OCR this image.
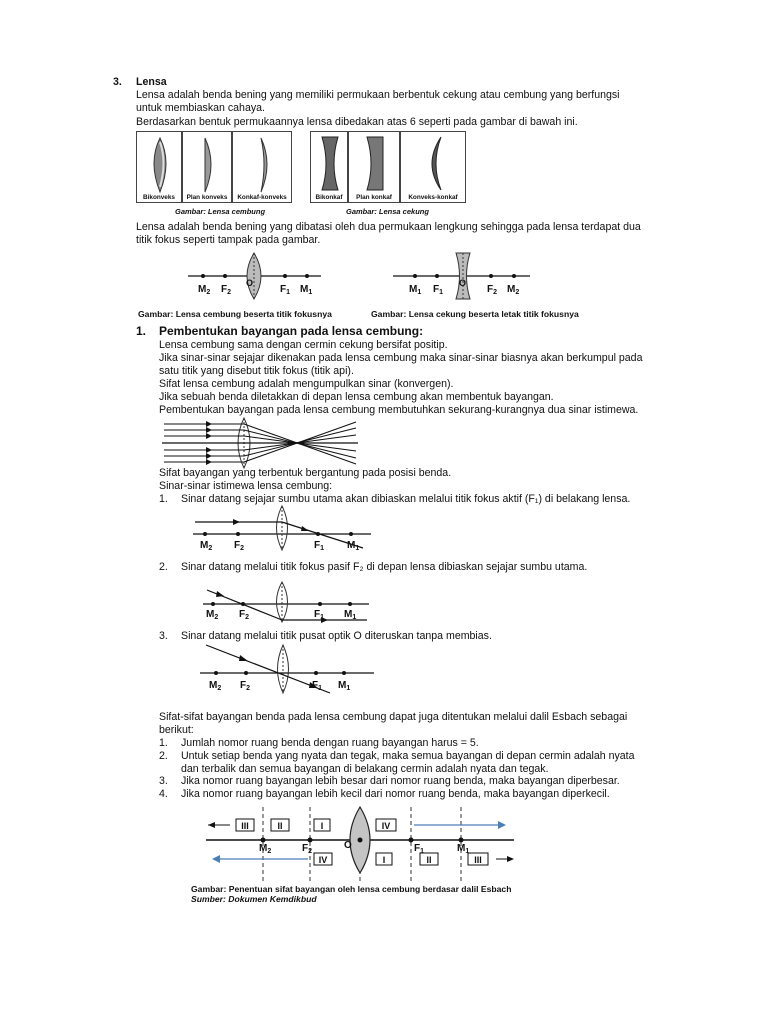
3. Lensa
Lensa adalah benda bening yang memiliki permukaan berbentuk cekung atau cembung yang berfungsi
untuk membiaskan cahaya.
Berdasarkan bentuk permukaannya lensa dibedakan atas 6 seperti pada gambar di bawah ini.
Bikonveks	Plan konveks	Konkaf-konveks
Gambar: Lensa cembung
Bikonkaf	Plan konkaf	Konveks-konkaf
Gambar: Lensa cekung
Lensa adalah benda bening yang dibatasi oleh dua permukaan lengkung sehingga pada lensa terdapat dua
titik fokus seperti tampak pada gambar.
$M_2$ $F_2$
O
$F_1$ $M_1$	$M_1$ $F_1$
O
$F_2$ $M_2$
Gambar: Lensa cembung beserta titik fokusnya	Gambar: Lensa cekung beserta letak titik fokusnya
1. Pembentukan bayangan pada lensa cembung:
Lensa cembung sama dengan cermin cekung bersifat positip.
Jika sinar-sinar sejajar dikenakan pada lensa cembung maka sinar-sinar biasnya akan berkumpul pada
satu titik yang disebut titik fokus (titik api).
Sifat lensa cembung adalah mengumpulkan sinar (konvergen).
Jika sebuah benda diletakkan di depan lensa cembung akan membentuk bayangan.
Pembentukan bayangan pada lensa cembung membutuhkan sekurang-kurangnya dua sinar istimewa.
Sifat bayangan yang terbentuk bergantung pada posisi benda.
Sinar-sinar istimewa lensa cembung:
1. Sinar datang sejajar sumbu utama akan dibiaskan melalui titik fokus aktif (F₁) di belakang lensa.
$M_2$ $F_2$	$F_1$ $M_1$
2. Sinar datang melalui titik fokus pasif F₂ di depan lensa dibiaskan sejajar sumbu utama.
$M_2$ $F_2$	$F_1$ $M_1$
3. Sinar datang melalui titik pusat optik O diteruskan tanpa membias.
$M_2$ $F_2$	$F_1$ $M_1$
Sifat-sifat bayangan benda pada lensa cembung dapat juga ditentukan melalui dalil Esbach sebagai
berikut:
1. Jumlah nomor ruang benda dengan ruang bayangan harus = 5.
2. Untuk setiap benda yang nyata dan tegak, maka semua bayangan di depan cermin adalah nyata
dan terbalik dan semua bayangan di belakang cermin adalah nyata dan tegak.
3. Jika nomor ruang bayangan lebih besar dari nomor ruang benda, maka bayangan diperbesar.
4. Jika nomor ruang bayangan lebih kecil dari nomor ruang benda, maka bayangan diperkecil.
III	II	I	IV
IV	I	II	III
$M_2$	$F_2$
O	$F_1$	$M_1$
Gambar: Penentuan sifat bayangan oleh lensa cembung berdasar dalil Esbach
Sumber: Dokumen Kemdikbud
